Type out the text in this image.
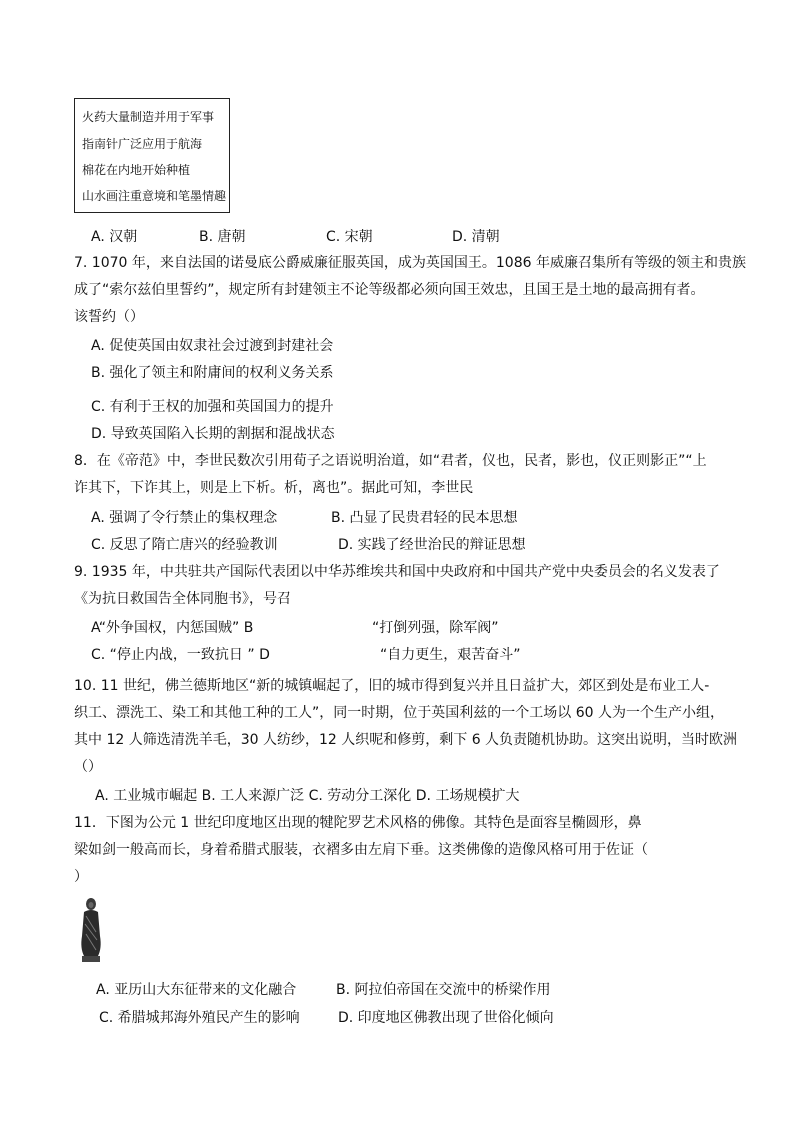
火药大量制造并用于军事
指南针广泛应用于航海
棉花在内地开始种植
山水画注重意境和笔墨情趣
A. 汉朝	B. 唐朝	C. 宋朝	D. 清朝
7. 1070 年，来自法国的诺曼底公爵威廉征服英国，成为英国国王。1086 年威廉召集所有等级的领主和贵族
成了“索尔兹伯里誓约”，规定所有封建领主不论等级都必须向国王效忠，且国王是土地的最高拥有者。
该誓约（）
A. 促使英国由奴隶社会过渡到封建社会
B. 强化了领主和附庸间的权利义务关系
C. 有利于王权的加强和英国国力的提升
D. 导致英国陷入长期的割据和混战状态
8．在《帝范》中，李世民数次引用荀子之语说明治道，如“君者，仪也，民者，影也，仪正则影正”“上
诈其下，下诈其上，则是上下析。析，离也”。据此可知，李世民
A. 强调了令行禁止的集权理念	B. 凸显了民贵君轻的民本思想
C. 反思了隋亡唐兴的经验教训	D. 实践了经世治民的辩证思想
9. 1935 年，中共驻共产国际代表团以中华苏维埃共和国中央政府和中国共产党中央委员会的名义发表了
《为抗日救国告全体同胞书》，号召
A“外争国权，内惩国贼” B	“打倒列强，除军阀”
C. “停止内战，一致抗日 ” D	“自力更生，艰苦奋斗”
10. 11 世纪，佛兰德斯地区“新的城镇崛起了，旧的城市得到复兴并且日益扩大，郊区到处是布业工人-
织工、漂洗工、染工和其他工种的工人”，同一时期，位于英国利兹的一个工场以 60 人为一个生产小组，
其中 12 人筛选清洗羊毛，30 人纺纱，12 人织呢和修剪，剩下 6 人负责随机协助。这突出说明，当时欧洲
（）
A. 工业城市崛起 B. 工人来源广泛 C. 劳动分工深化 D. 工场规模扩大
11．下图为公元 1 世纪印度地区出现的犍陀罗艺术风格的佛像。其特色是面容呈椭圆形，鼻
梁如剑一般高而长，身着希腊式服装，衣褶多由左肩下垂。这类佛像的造像风格可用于佐证（
）
A. 亚历山大东征带来的文化融合	B. 阿拉伯帝国在交流中的桥梁作用
C. 希腊城邦海外殖民产生的影响	D. 印度地区佛教出现了世俗化倾向
